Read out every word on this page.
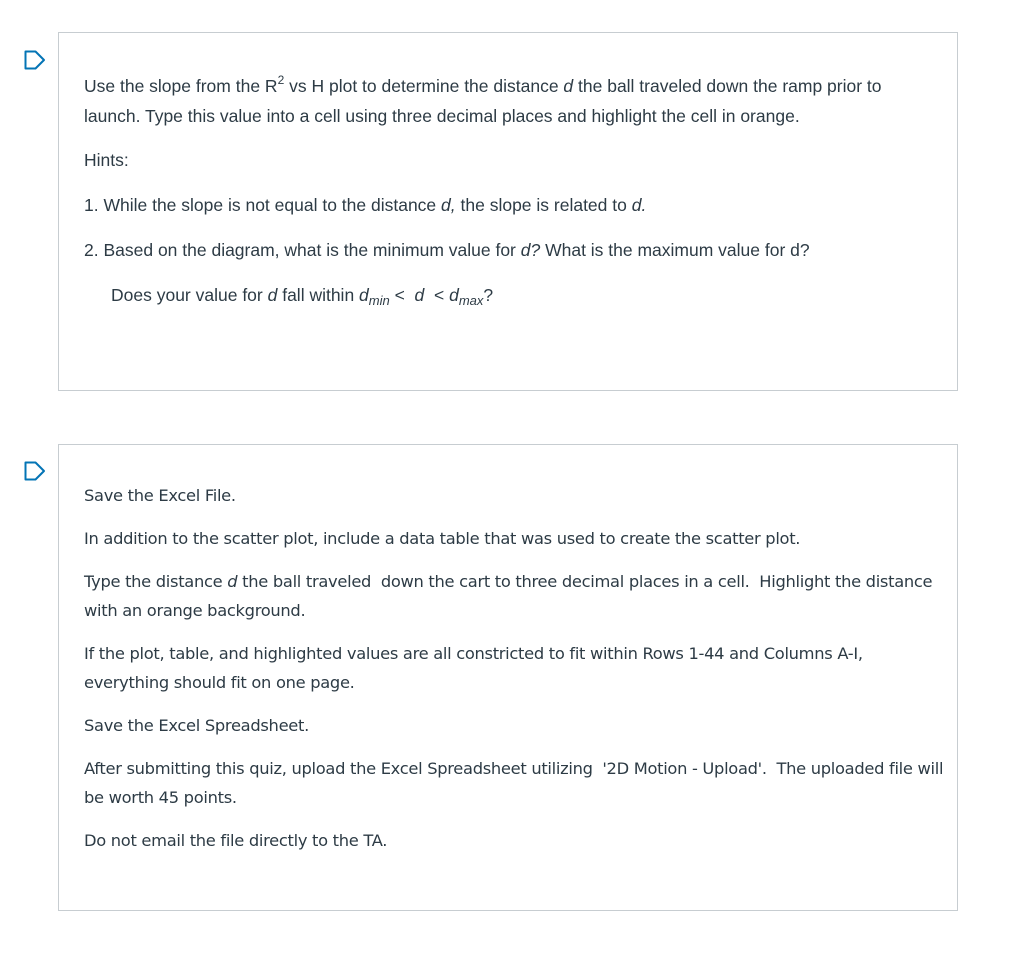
Use the slope from the $R^2$ vs H plot to determine the distance d the ball traveled down the ramp prior to launch. Type this value into a cell using three decimal places and highlight the cell in orange.

Hints:

1. While the slope is not equal to the distance d, the slope is related to d.

2. Based on the diagram, what is the minimum value for d? What is the maximum value for d?

Does your value for d fall within $d_{min} < d < d_{max}$?

Save the Excel File.

In addition to the scatter plot, include a data table that was used to create the scatter plot.

Type the distance d the ball traveled  down the cart to three decimal places in a cell.  Highlight the distance with an orange background.

If the plot, table, and highlighted values are all constricted to fit within Rows 1-44 and Columns A-I, everything should fit on one page.

Save the Excel Spreadsheet.

After submitting this quiz, upload the Excel Spreadsheet utilizing  '2D Motion - Upload'.  The uploaded file will be worth 45 points.

Do not email the file directly to the TA.
